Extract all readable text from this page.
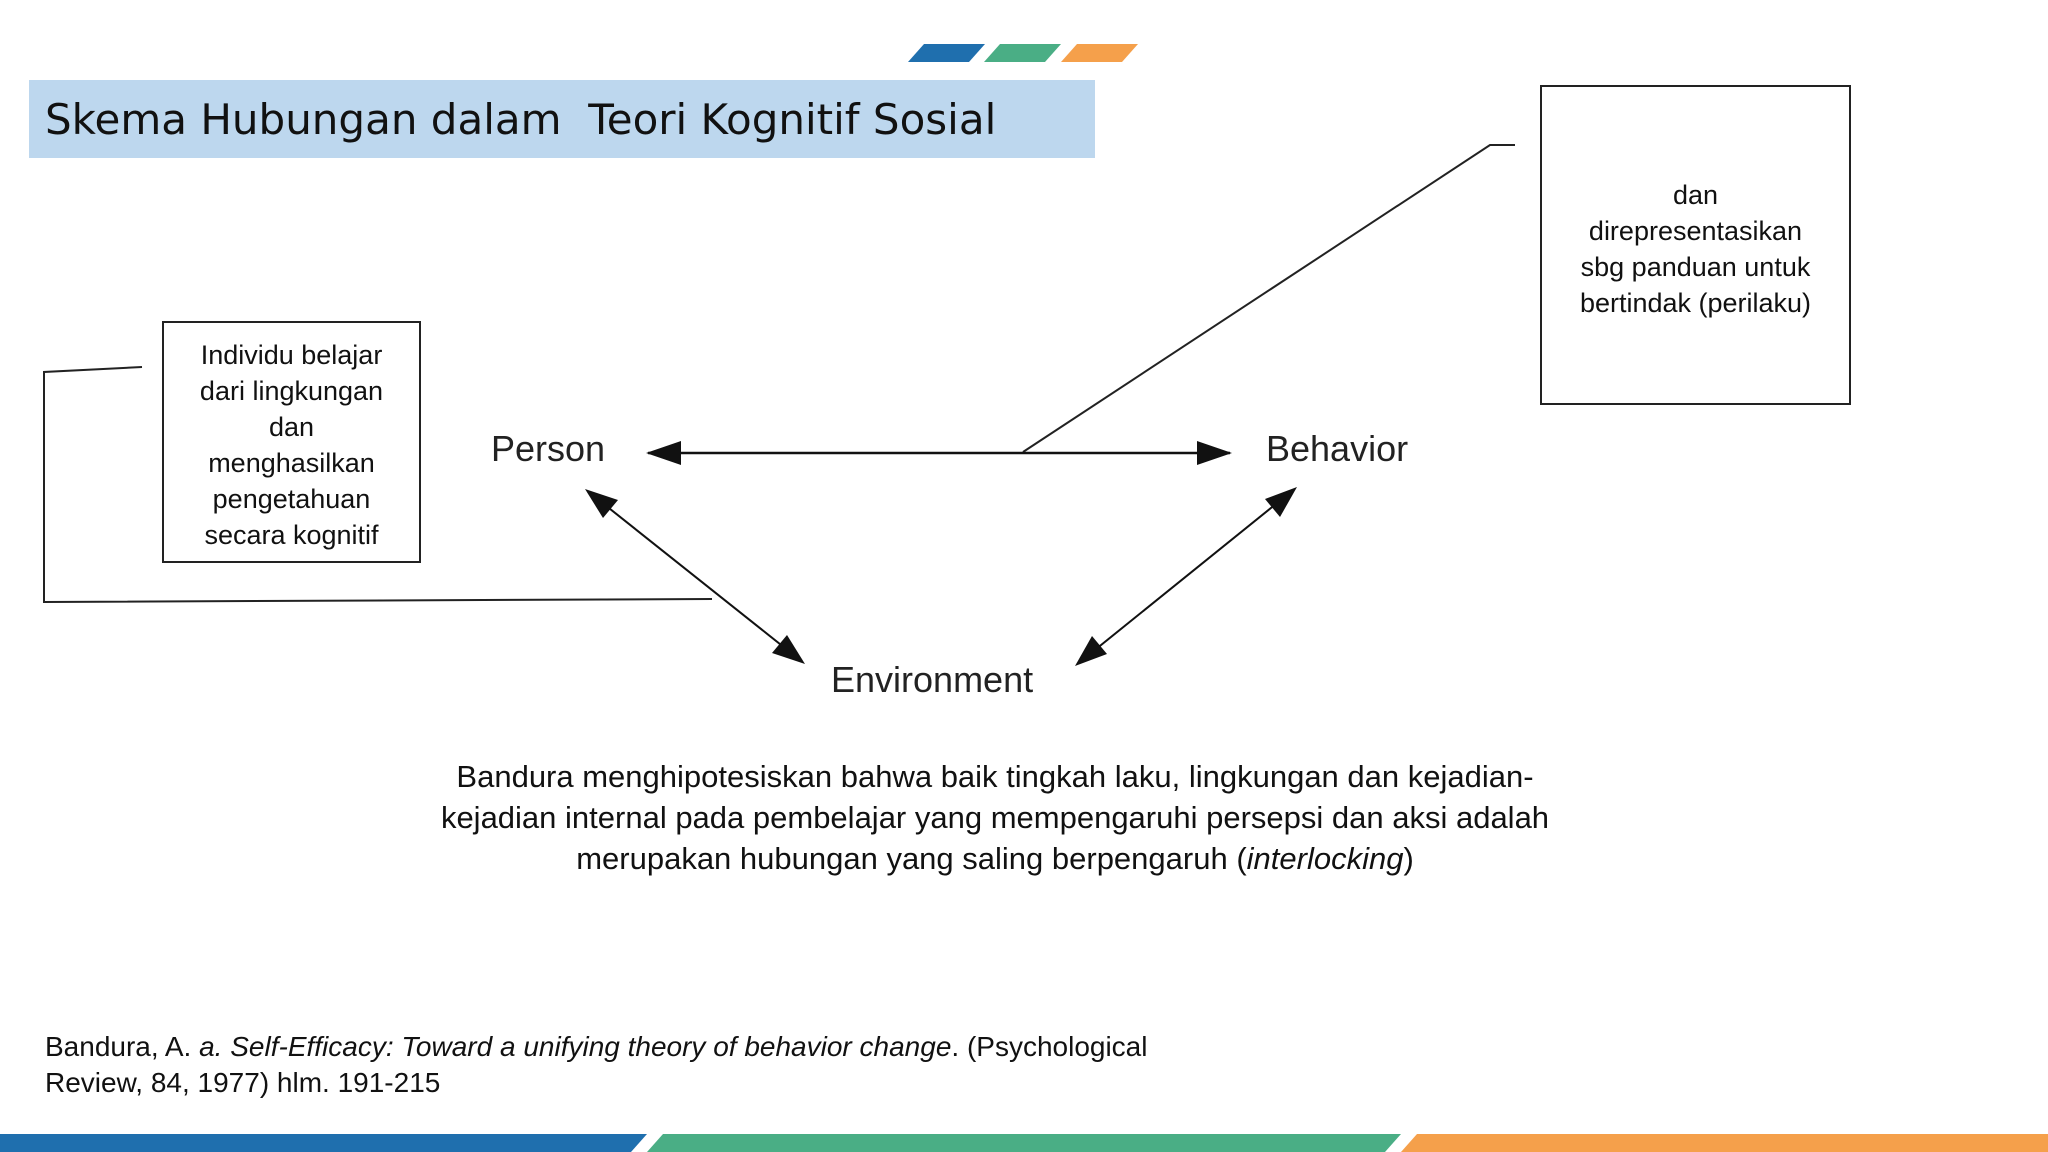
Skema Hubungan dalam  Teori Kognitif Sosial
Person	Behavior
Environment
Individu belajar
dari lingkungan
dan
menghasilkan
pengetahuan
secara kognitif
dan
direpresentasikan
sbg panduan untuk
bertindak (perilaku)
Bandura menghipotesiskan bahwa baik tingkah laku, lingkungan dan kejadian-
kejadian internal pada pembelajar yang mempengaruhi persepsi dan aksi adalah
merupakan hubungan yang saling berpengaruh (interlocking)
Bandura, A. a. Self-Efficacy: Toward a unifying theory of behavior change. (Psychological
Review, 84, 1977) hlm. 191-215
